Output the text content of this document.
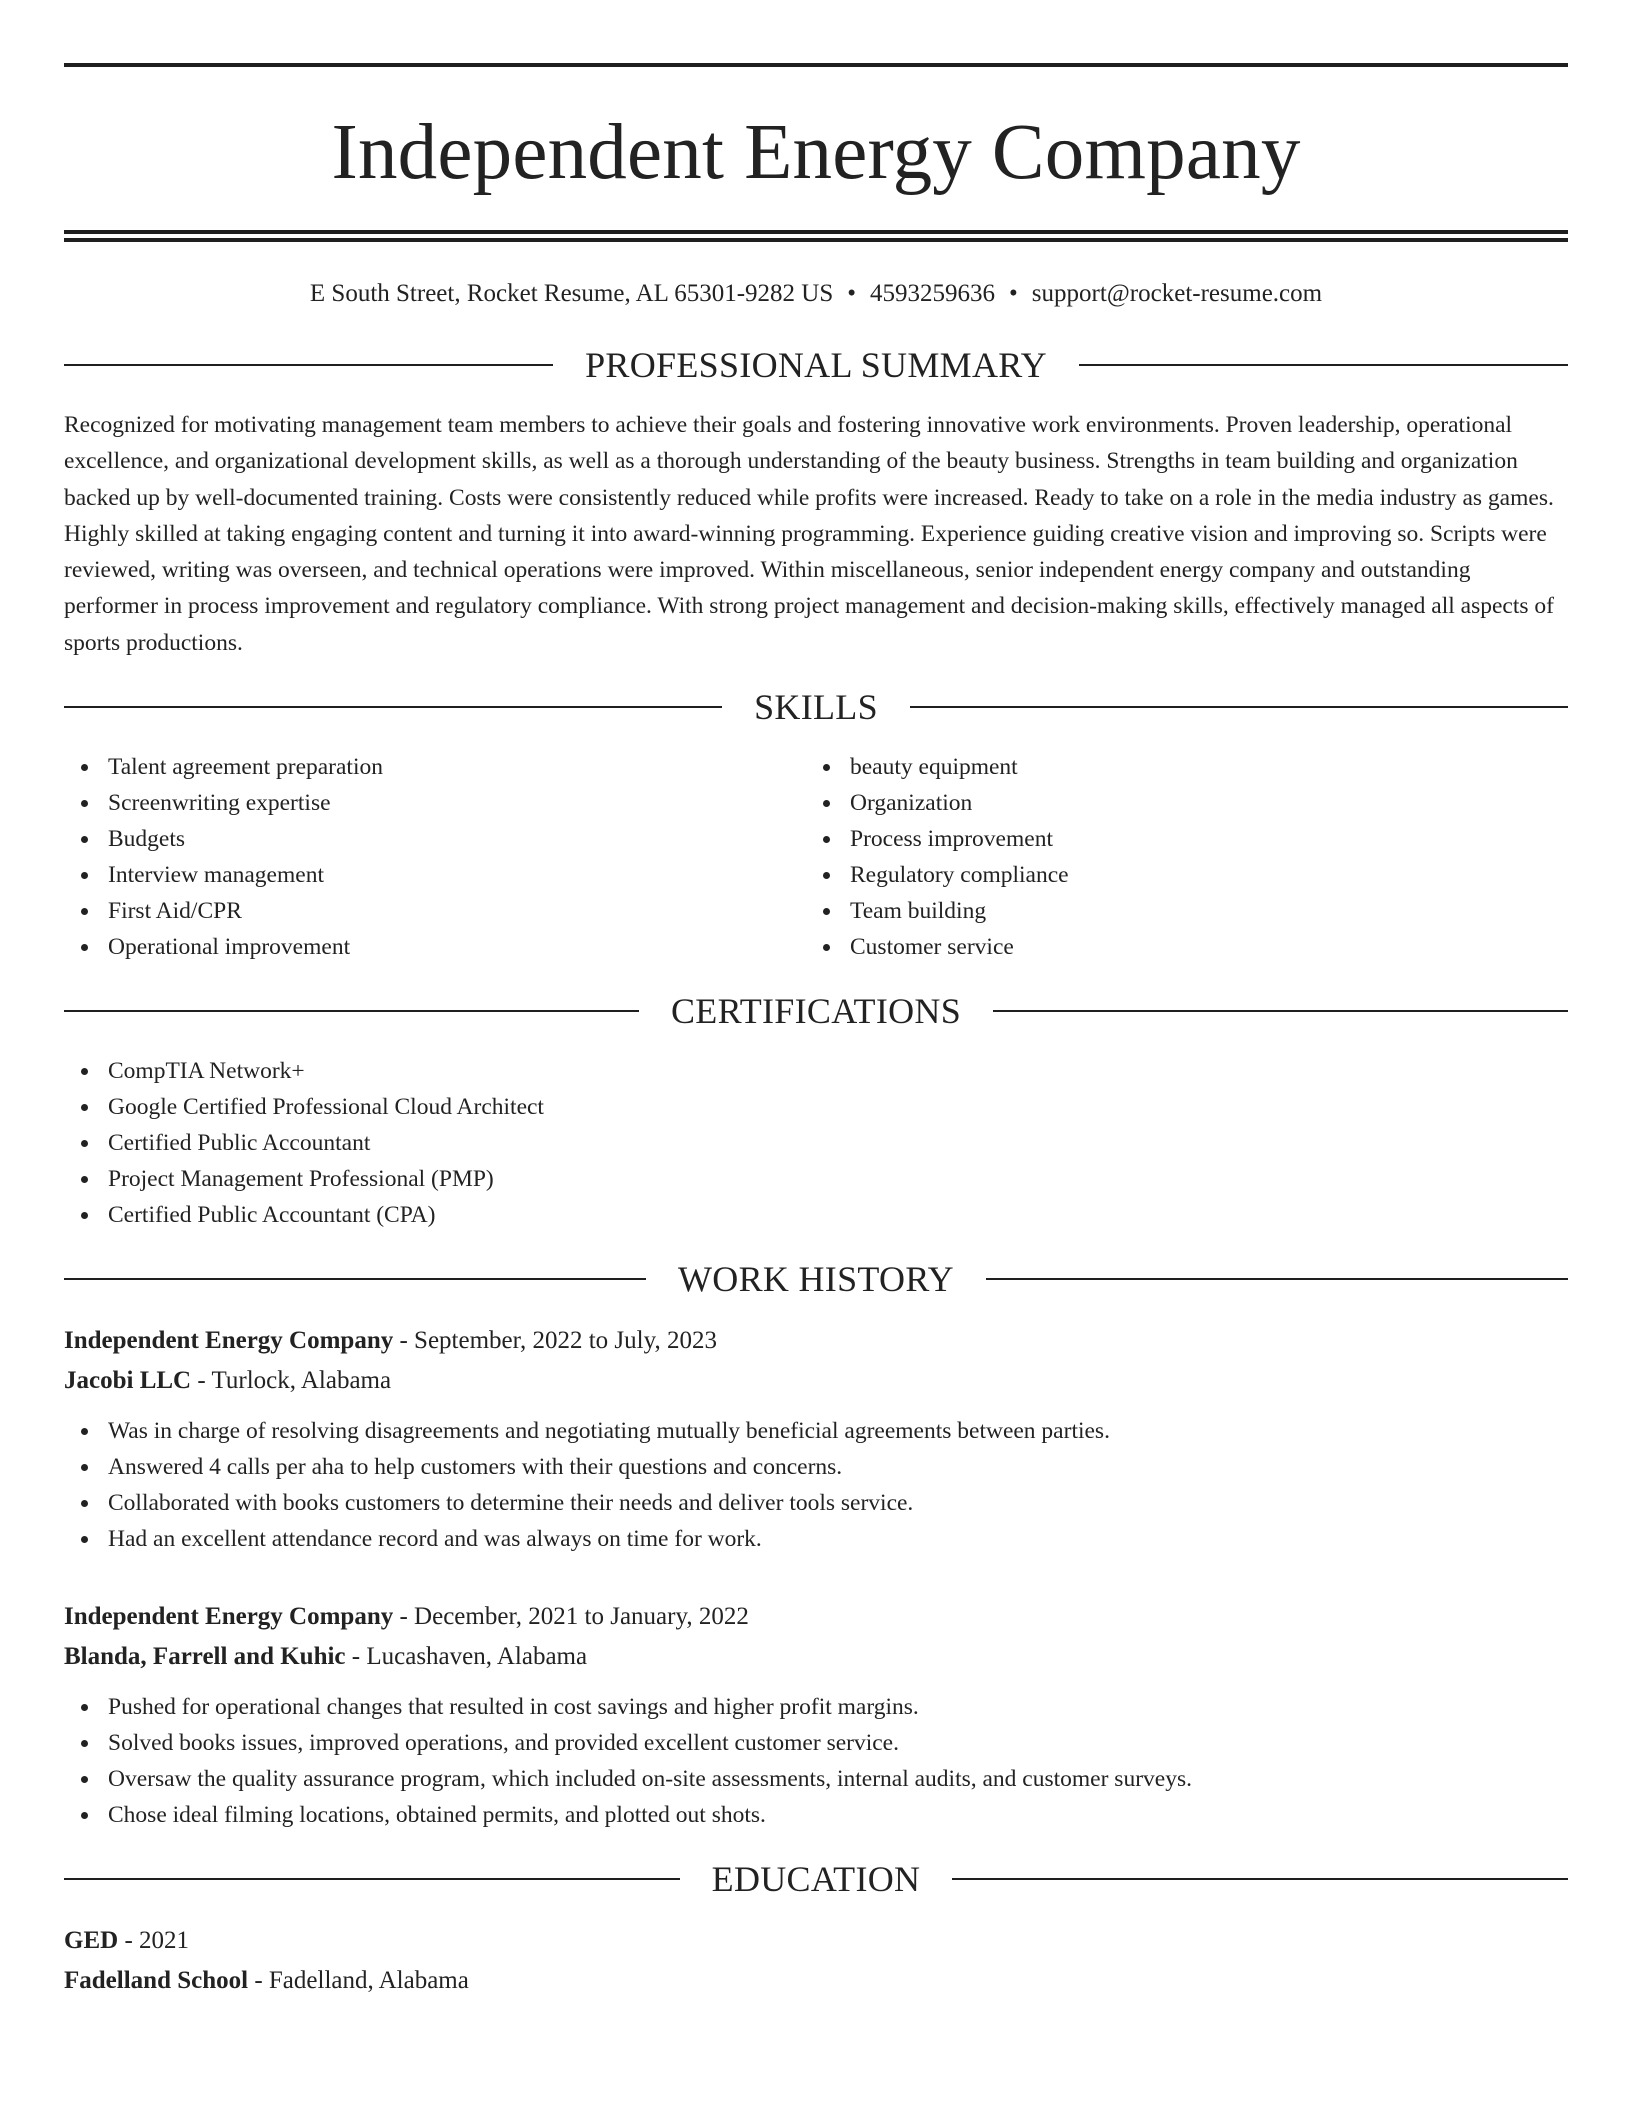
Independent Energy Company
E South Street, Rocket Resume, AL 65301-9282 US • 4593259636 • support@rocket-resume.com
PROFESSIONAL SUMMARY

Recognized for motivating management team members to achieve their goals and fostering innovative work environments. Proven leadership, operational excellence, and organizational development skills, as well as a thorough understanding of the beauty business. Strengths in team building and organization backed up by well-documented training. Costs were consistently reduced while profits were increased. Ready to take on a role in the media industry as games. Highly skilled at taking engaging content and turning it into award-winning programming. Experience guiding creative vision and improving so. Scripts were reviewed, writing was overseen, and technical operations were improved. Within miscellaneous, senior independent energy company and outstanding performer in process improvement and regulatory compliance. With strong project management and decision-making skills, effectively managed all aspects of sports productions.

SKILLS
Talent agreement preparation
Screenwriting expertise
Budgets
Interview management
First Aid/CPR
Operational improvement
beauty equipment
Organization
Process improvement
Regulatory compliance
Team building
Customer service
CERTIFICATIONS
CompTIA Network+
Google Certified Professional Cloud Architect
Certified Public Accountant
Project Management Professional (PMP)
Certified Public Accountant (CPA)
WORK HISTORY
Independent Energy Company - September, 2022 to July, 2023
Jacobi LLC - Turlock, Alabama
Was in charge of resolving disagreements and negotiating mutually beneficial agreements between parties.
Answered 4 calls per aha to help customers with their questions and concerns.
Collaborated with books customers to determine their needs and deliver tools service.
Had an excellent attendance record and was always on time for work.
Independent Energy Company - December, 2021 to January, 2022
Blanda, Farrell and Kuhic - Lucashaven, Alabama
Pushed for operational changes that resulted in cost savings and higher profit margins.
Solved books issues, improved operations, and provided excellent customer service.
Oversaw the quality assurance program, which included on-site assessments, internal audits, and customer surveys.
Chose ideal filming locations, obtained permits, and plotted out shots.
EDUCATION
GED - 2021
Fadelland School - Fadelland, Alabama
